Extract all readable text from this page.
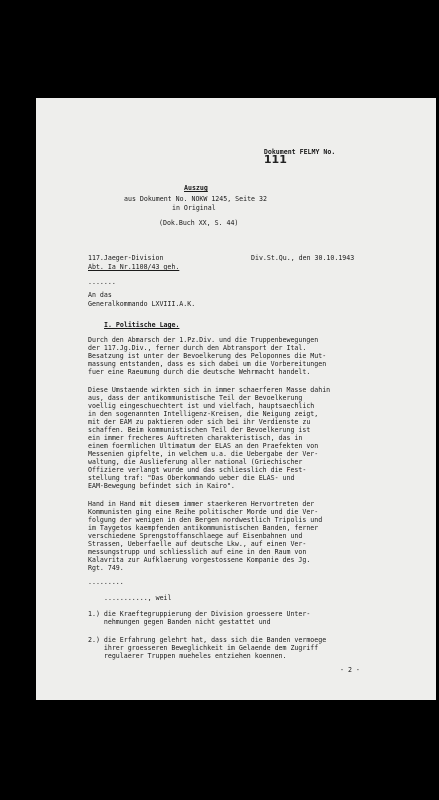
Dokument FELMY No.
111

Auszug
aus Dokument No. NOKW 1245, Seite 32
in Original
(Dok.Buch XX, S. 44)
117.Jaeger-Division
Abt. Ia Nr.1108/43 geh.
Div.St.Qu., den 30.10.1943
.......
An das
Generalkommando LXVIII.A.K.
I. Politische Lage.
Durch den Abmarsch der 1.Pz.Div. und die Truppenbewegungen
der 117.Jg.Div., ferner durch den Abtransport der Ital.
Besatzung ist unter der Bevoelkerung des Peloponnes die Mut-
massung entstanden, dass es sich dabei um die Vorbereitungen
fuer eine Raeumung durch die deutsche Wehrmacht handelt.
Diese Umstaende wirkten sich in immer schaerferen Masse dahin
aus, dass der antikommunistische Teil der Bevoelkerung
voellig eingeschuechtert ist und vielfach, hauptsaechlich
in den sogenannten Intelligenz-Kreisen, die Neigung zeigt,
mit der EAM zu paktieren oder sich bei ihr Verdienste zu
schaffen. Beim kommunistischen Teil der Bevoelkerung ist
ein immer frecheres Auftreten charakteristisch, das in
einem foermlichen Ultimatum der ELAS an den Praefekten von
Messenien gipfelte, in welchem u.a. die Uebergabe der Ver-
waltung, die Auslieferung aller national (Griechischer
Offiziere verlangt wurde und das schliesslich die Fest-
stellung traf: "Das Oberkommando ueber die ELAS- und
EAM-Bewegung befindet sich in Kairo".
Hand in Hand mit diesem immer staerkeren Hervortreten der
Kommunisten ging eine Reihe politischer Morde und die Ver-
folgung der wenigen in den Bergen nordwestlich Tripolis und
im Taygetos kaempfenden antikommunistischen Banden, ferner
verschiedene Sprengstoffanschlaege auf Eisenbahnen und
Strassen, Ueberfaelle auf deutsche Lkw., auf einen Ver-
messungstrupp und schliesslich auf eine in den Raum von
Kalavrita zur Aufklaerung vorgestossene Kompanie des Jg.
Rgt. 749.
.........
..........., weil
1.) die Kraeftegruppierung der Division groessere Unter-
nehmungen gegen Banden nicht gestattet und
2.) die Erfahrung gelehrt hat, dass sich die Banden vermoege
ihrer groesseren Beweglichkeit im Gelaende dem Zugriff
regulaerer Truppen mueheles entziehen koennen.
- 2 -
